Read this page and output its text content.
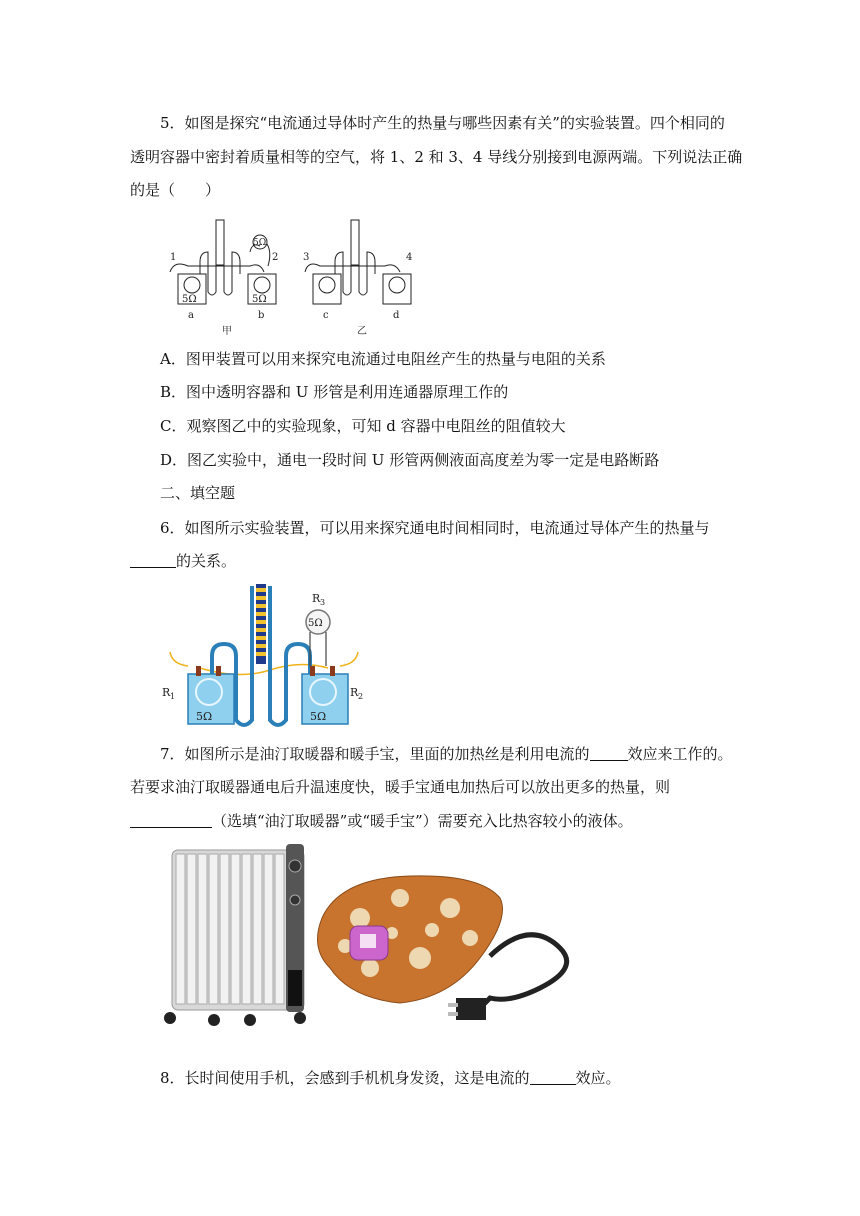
5．如图是探究“电流通过导体时产生的热量与哪些因素有关”的实验装置。四个相同的
透明容器中密封着质量相等的空气，将 1、2 和 3、4 导线分别接到电源两端。下列说法正确
的是（　　）
1	2 3	4
5Ω	5Ω
5Ω
a	b	c	d
甲	乙
A．图甲装置可以用来探究电流通过电阻丝产生的热量与电阻的关系
B．图中透明容器和 U 形管是利用连通器原理工作的
C．观察图乙中的实验现象，可知 d 容器中电阻丝的阻值较大
D．图乙实验中，通电一段时间 U 形管两侧液面高度差为零一定是电路断路
二、填空题
6．如图所示实验装置，可以用来探究通电时间相同时，电流通过导体产生的热量与
的关系。
R 3
5Ω
R 1	R 2
5Ω	5Ω
7．如图所示是油汀取暖器和暖手宝，里面的加热丝是利用电流的	效应来工作的。
若要求油汀取暖器通电后升温速度快，暖手宝通电加热后可以放出更多的热量，则
（选填“油汀取暖器”或“暖手宝”）需要充入比热容较小的液体。
8．长时间使用手机，会感到手机机身发烫，这是电流的	效应。
